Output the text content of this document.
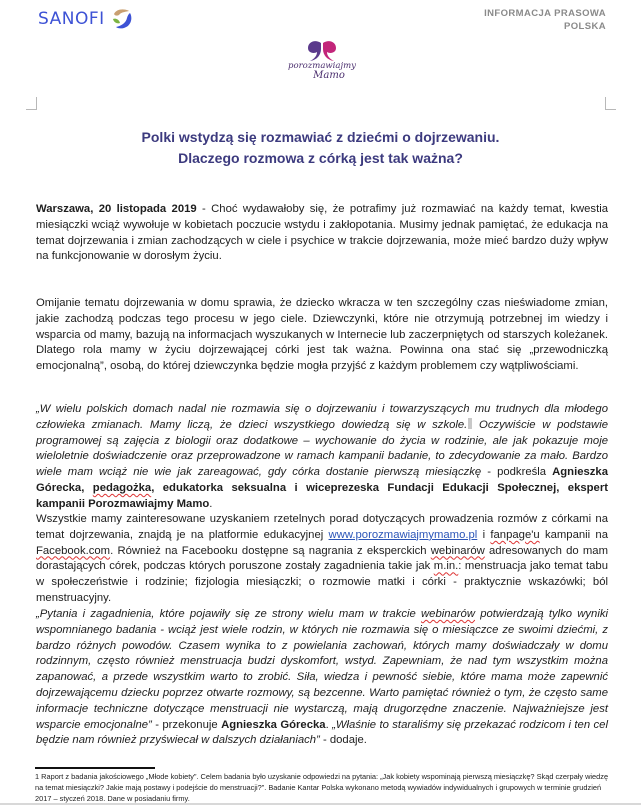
SANOFI	INFORMACJA PRASOWA
POLSKA
porozmawiajmy
Mamo
Polki wstydzą się rozmawiać z dziećmi o dojrzewaniu.
Dlaczego rozmowa z córką jest tak ważna?
Warszawa, 20 listopada 2019 - Choć wydawałoby się, że potrafimy już rozmawiać na każdy temat, kwestia miesiączki wciąż wywołuje w kobietach poczucie wstydu i zakłopotania. Musimy jednak pamiętać, że edukacja na temat dojrzewania i zmian zachodzących w ciele i psychice w trakcie dojrzewania, może mieć bardzo duży wpływ na funkcjonowanie w dorosłym życiu.
Omijanie tematu dojrzewania w domu sprawia, że dziecko wkracza w ten szczególny czas nieświadome zmian, jakie zachodzą podczas tego procesu w jego ciele. Dziewczynki, które nie otrzymują potrzebnej im wiedzy i wsparcia od mamy, bazują na informacjach wyszukanych w Internecie lub zaczerpniętych od starszych koleżanek. Dlatego rola mamy w życiu dojrzewającej córki jest tak ważna. Powinna ona stać się „przewodniczką emocjonalną”, osobą, do której dziewczynka będzie mogła przyjść z każdym problemem czy wątpliwościami.
„W wielu polskich domach nadal nie rozmawia się o dojrzewaniu i towarzyszących mu trudnych dla młodego człowieka zmianach. Mamy liczą, że dzieci wszystkiego dowiedzą się w szkole. Oczywiście w podstawie programowej są zajęcia z biologii oraz dodatkowe – wychowanie do życia w rodzinie, ale jak pokazuje moje wieloletnie doświadczenie oraz przeprowadzone w ramach kampanii badanie, to zdecydowanie za mało. Bardzo wiele mam wciąż nie wie jak zareagować, gdy córka dostanie pierwszą miesiączkę - podkreśla Agnieszka Górecka, pedagożka, edukatorka seksualna i wiceprezeska Fundacji Edukacji Społecznej, ekspert kampanii Porozmawiajmy Mamo.
Wszystkie mamy zainteresowane uzyskaniem rzetelnych porad dotyczących prowadzenia rozmów z córkami na temat dojrzewania, znajdą je na platformie edukacyjnej www.porozmawiajmymamo.pl i fanpage'u kampanii na Facebook.com. Również na Facebooku dostępne są nagrania z eksperckich webinarów adresowanych do mam dorastających córek, podczas których poruszone zostały zagadnienia takie jak m.in.: menstruacja jako temat tabu w społeczeństwie i rodzinie; fizjologia miesiączki; o rozmowie matki i córki - praktycznie wskazówki; ból menstruacyjny.
„Pytania i zagadnienia, które pojawiły się ze strony wielu mam w trakcie webinarów potwierdzają tylko wyniki wspomnianego badania - wciąż jest wiele rodzin, w których nie rozmawia się o miesiączce ze swoimi dziećmi, z bardzo różnych powodów. Czasem wynika to z powielania zachowań, których mamy doświadczały w domu rodzinnym, często również menstruacja budzi dyskomfort, wstyd. Zapewniam, że nad tym wszystkim można zapanować, a przede wszystkim warto to zrobić. Siła, wiedza i pewność siebie, które mama może zapewnić dojrzewającemu dziecku poprzez otwarte rozmowy, są bezcenne. Warto pamiętać również o tym, że często same informacje techniczne dotyczące menstruacji nie wystarczą, mają drugorzędne znaczenie. Najważniejsze jest wsparcie emocjonalne” - przekonuje Agnieszka Górecka. „Właśnie to staraliśmy się przekazać rodzicom i ten cel będzie nam również przyświecał w dalszych działaniach” - dodaje.
1 Raport z badania jakościowego „Młode kobiety”. Celem badania było uzyskanie odpowiedzi na pytania: „Jak kobiety wspominają pierwszą miesiączkę? Skąd czerpały wiedzę na temat miesiączki? Jakie mają postawy i podejście do menstruacji?”. Badanie Kantar Polska wykonano metodą wywiadów indywidualnych i grupowych w terminie grudzień 2017 – styczeń 2018. Dane w posiadaniu firmy.
